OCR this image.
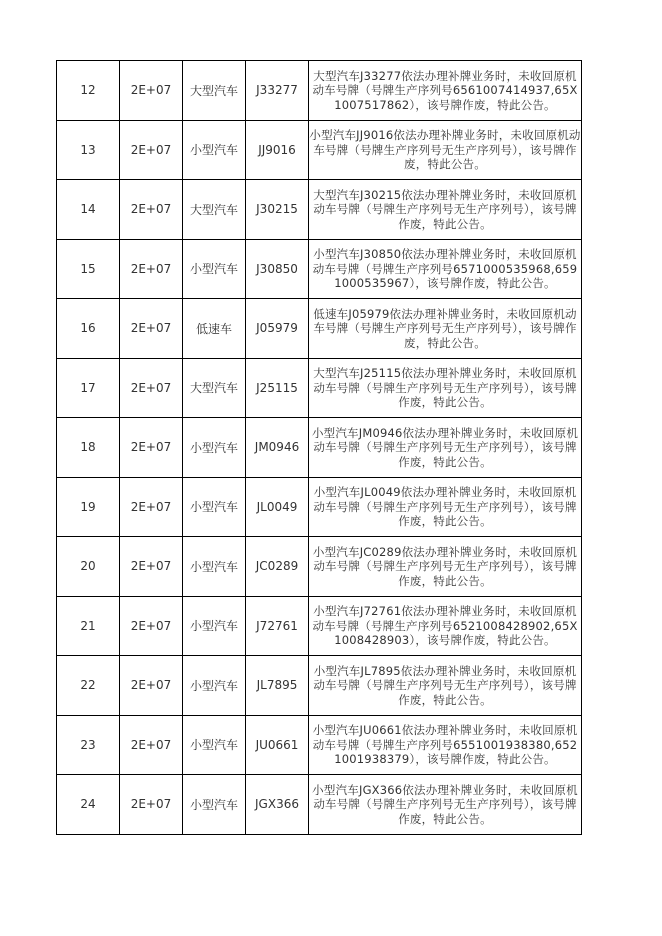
12	2E+07	大型汽车	J33277	大型汽车J33277依法办理补牌业务时，未收回原机动车号牌（号牌生产序列号6561007414937,65X1007517862），该号牌作废，特此公告。
13	2E+07	小型汽车	JJ9016	小型汽车JJ9016依法办理补牌业务时，未收回原机动车号牌（号牌生产序列号无生产序列号），该号牌作废，特此公告。
14	2E+07	大型汽车	J30215	大型汽车J30215依法办理补牌业务时，未收回原机动车号牌（号牌生产序列号无生产序列号），该号牌作废，特此公告。
15	2E+07	小型汽车	J30850	小型汽车J30850依法办理补牌业务时，未收回原机动车号牌（号牌生产序列号6571000535968,6591000535967），该号牌作废，特此公告。
16	2E+07	低速车	J05979	低速车J05979依法办理补牌业务时，未收回原机动车号牌（号牌生产序列号无生产序列号），该号牌作废，特此公告。
17	2E+07	大型汽车	J25115	大型汽车J25115依法办理补牌业务时，未收回原机动车号牌（号牌生产序列号无生产序列号），该号牌作废，特此公告。
18	2E+07	小型汽车	JM0946	小型汽车JM0946依法办理补牌业务时，未收回原机动车号牌（号牌生产序列号无生产序列号），该号牌作废，特此公告。
19	2E+07	小型汽车	JL0049	小型汽车JL0049依法办理补牌业务时，未收回原机动车号牌（号牌生产序列号无生产序列号），该号牌作废，特此公告。
20	2E+07	小型汽车	JC0289	小型汽车JC0289依法办理补牌业务时，未收回原机动车号牌（号牌生产序列号无生产序列号），该号牌作废，特此公告。
21	2E+07	小型汽车	J72761	小型汽车J72761依法办理补牌业务时，未收回原机动车号牌（号牌生产序列号6521008428902,65X1008428903），该号牌作废，特此公告。
22	2E+07	小型汽车	JL7895	小型汽车JL7895依法办理补牌业务时，未收回原机动车号牌（号牌生产序列号无生产序列号），该号牌作废，特此公告。
23	2E+07	小型汽车	JU0661	小型汽车JU0661依法办理补牌业务时，未收回原机动车号牌（号牌生产序列号6551001938380,6521001938379），该号牌作废，特此公告。
24	2E+07	小型汽车	JGX366	小型汽车JGX366依法办理补牌业务时，未收回原机动车号牌（号牌生产序列号无生产序列号），该号牌作废，特此公告。
